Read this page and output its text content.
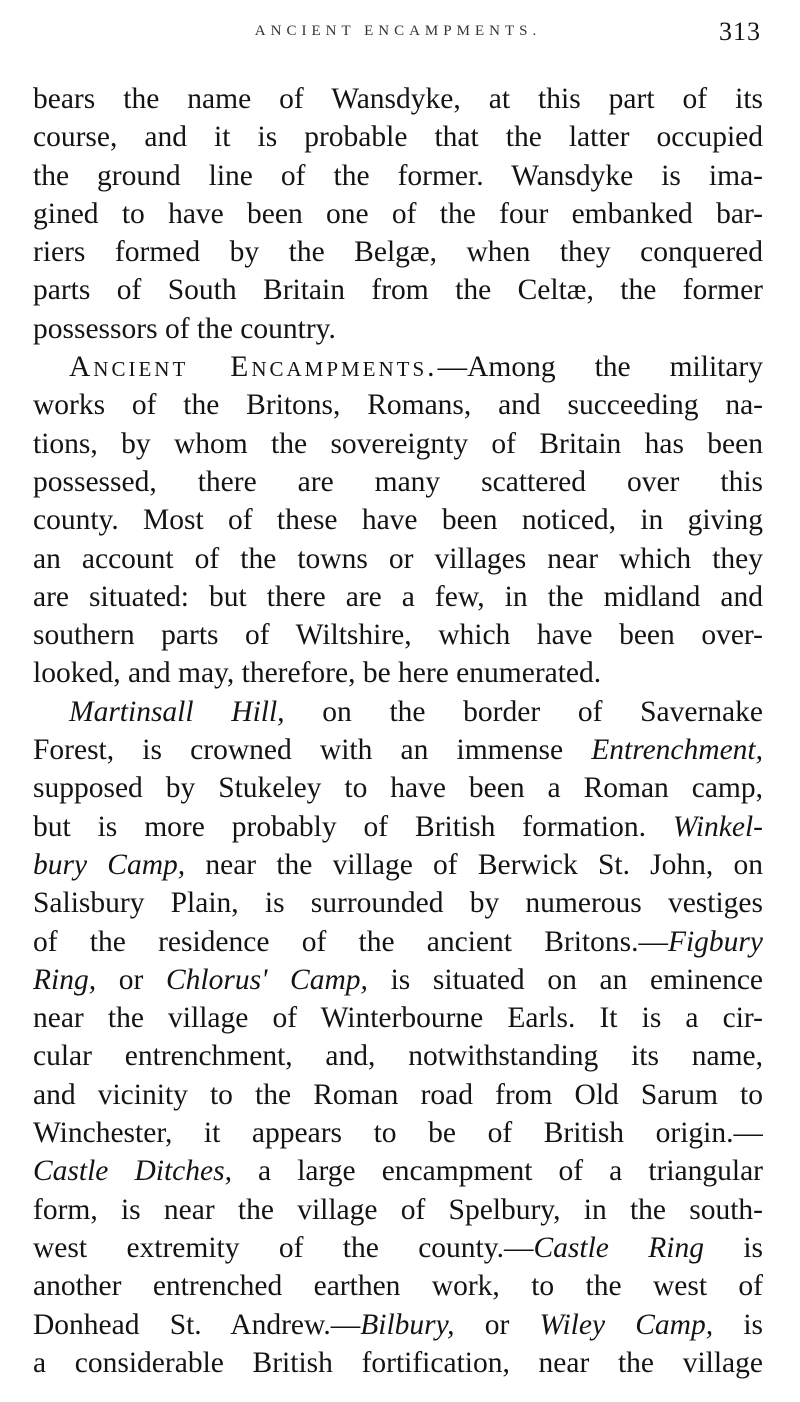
ANCIENT ENCAMPMENTS.	313
bears the name of Wansdyke, at this part of its
course, and it is probable that the latter occupied
the ground line of the former. Wansdyke is ima-
gined to have been one of the four embanked bar-
riers formed by the Belgæ, when they conquered
parts of South Britain from the Celtæ, the former
possessors of the country.
Ancient Encampments.—Among the military
works of the Britons, Romans, and succeeding na-
tions, by whom the sovereignty of Britain has been
possessed, there are many scattered over this
county. Most of these have been noticed, in giving
an account of the towns or villages near which they
are situated: but there are a few, in the midland and
southern parts of Wiltshire, which have been over-
looked, and may, therefore, be here enumerated.
Martinsall Hill, on the border of Savernake
Forest, is crowned with an immense Entrenchment,
supposed by Stukeley to have been a Roman camp,
but is more probably of British formation. Winkel-
bury Camp, near the village of Berwick St. John, on
Salisbury Plain, is surrounded by numerous vestiges
of the residence of the ancient Britons.—Figbury
Ring, or Chlorus' Camp, is situated on an eminence
near the village of Winterbourne Earls. It is a cir-
cular entrenchment, and, notwithstanding its name,
and vicinity to the Roman road from Old Sarum to
Winchester, it appears to be of British origin.—
Castle Ditches, a large encampment of a triangular
form, is near the village of Spelbury, in the south-
west extremity of the county.—Castle Ring is
another entrenched earthen work, to the west of
Donhead St. Andrew.—Bilbury, or Wiley Camp, is
a considerable British fortification, near the village
